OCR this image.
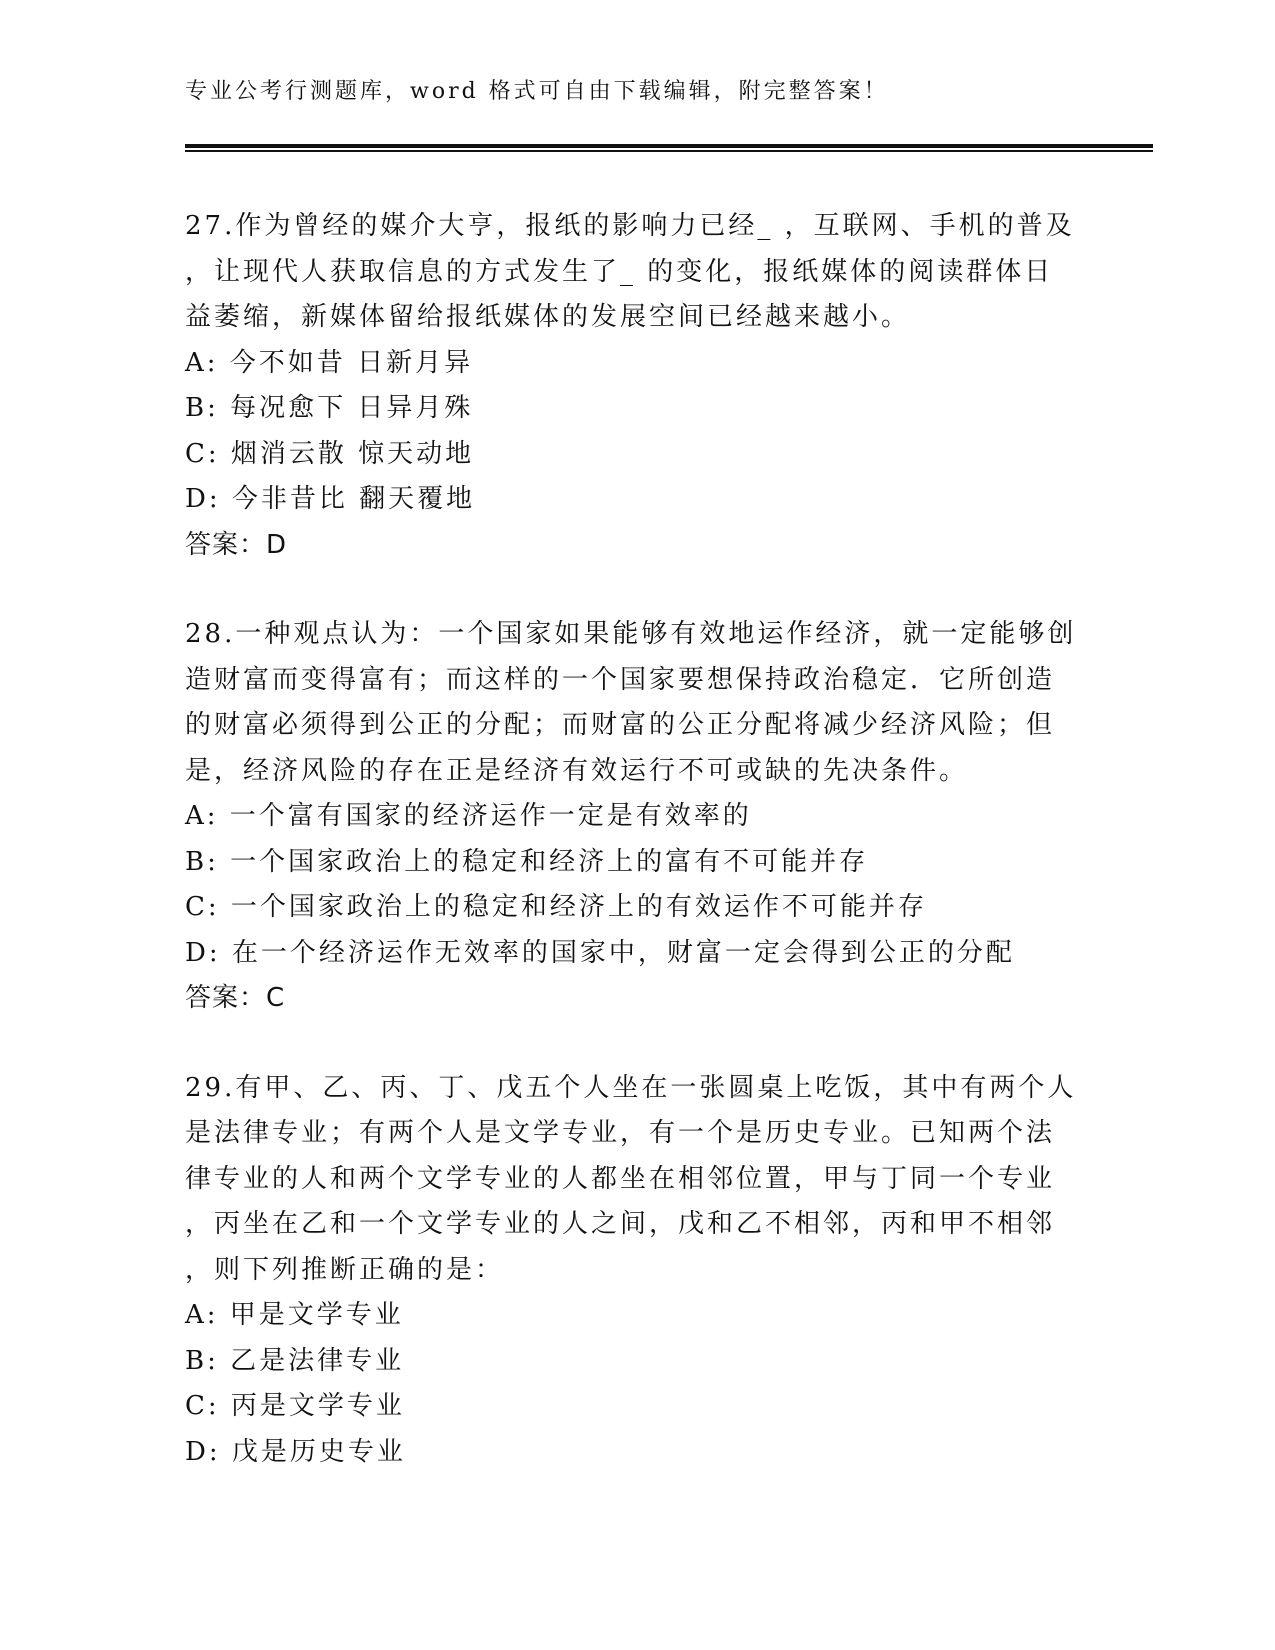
专业公考行测题库，word 格式可自由下载编辑，附完整答案！
27.作为曾经的媒介大亨，报纸的影响力已经_ ，互联网、手机的普及
，让现代人获取信息的方式发生了_ 的变化，报纸媒体的阅读群体日
益萎缩，新媒体留给报纸媒体的发展空间已经越来越小。
A: 今不如昔 日新月异
B: 每况愈下 日异月殊
C: 烟消云散 惊天动地
D: 今非昔比 翻天覆地
答案：D
28.一种观点认为：一个国家如果能够有效地运作经济，就一定能够创
造财富而变得富有；而这样的一个国家要想保持政治稳定．它所创造
的财富必须得到公正的分配；而财富的公正分配将减少经济风险；但
是，经济风险的存在正是经济有效运行不可或缺的先决条件。
A: 一个富有国家的经济运作一定是有效率的
B: 一个国家政治上的稳定和经济上的富有不可能并存
C: 一个国家政治上的稳定和经济上的有效运作不可能并存
D: 在一个经济运作无效率的国家中，财富一定会得到公正的分配
答案：C
29.有甲、乙、丙、丁、戊五个人坐在一张圆桌上吃饭，其中有两个人
是法律专业；有两个人是文学专业，有一个是历史专业。已知两个法
律专业的人和两个文学专业的人都坐在相邻位置，甲与丁同一个专业
，丙坐在乙和一个文学专业的人之间，戊和乙不相邻，丙和甲不相邻
，则下列推断正确的是：
A: 甲是文学专业
B: 乙是法律专业
C: 丙是文学专业
D: 戊是历史专业
